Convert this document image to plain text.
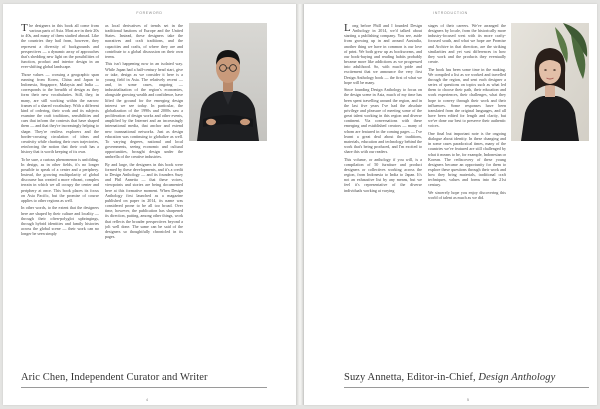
FOREWORD

The designers in this book all come from various parts of Asia. Most are in their 20s to 40s, and many of them studied abroad. Like the countries they hail from, however, they represent a diversity of backgrounds and perspectives — a dynamic array of approaches that's shedding new light on the possibilities of function, product and interior design in an ever-shifting global landscape.

Those values — crossing a geographic span running from Korea, China and Japan to Indonesia, Singapore, Malaysia and India — corresponds to the breadth of design as they form their new vocabularies. Still, they, in many, are still working within the narrow frames of a shared vocabulary. With a different kind of ordering, their work and its subjects examine the craft traditions, sensibilities and cues that inform the contexts that have shaped them — and that they're increasingly helping to shape. They're restless explorers and the border-crossing circulation of ideas and creativity while charting their own trajectories, reinforcing the notion that their craft has a history that is worth keeping of its own.

To be sure, a curious phenomenon is unfolding. In design, as in other fields, it's no longer possible to speak of a center and a periphery. Instead, the growing multipolarity of global discourse has created a more vibrant, complex terrain in which we all occupy the center and periphery at once. This book places its focus on Asia Pacific, but the promise of course applies to other regions as well.

In other words, to the extent that the designers here are shaped by their culture and locality — through their often-polyglot upbringings, through hybrid identities and family histories across the global scene — their work can no longer be seen simply

as local derivatives of trends set in the traditional bastions of Europe and the United States. Instead, these designers take the narratives and craft traditions, and the capacities and crafts, of where they are and contribute to a global discussion on their own terms.

This isn't happening now in an isolated way. While Japan had a half-century head start, give or take, design as we consider it here is a young field in Asia. The relatively recent — and, in some cases, ongoing — industrialization of the region's economies, alongside growing wealth and confidence, have lifted the ground for the emerging design interest we see today. In particular, the globalization of the 1990s and 2000s saw a proliferation of design works and other events, amplified by the Internet and an increasingly international media, that anchor and extend new transnational networks. Just as design education was continuing to globalize as well. To varying degrees, national and local governments, seeing economic and cultural opportunities, brought design under the umbrella of the creative industries.

By and large, the designers in this book were formed by these developments, and it's a credit to Design Anthology — and its founders Suzy and Phil Annetta — that these voices, viewpoints and stories are being documented here at this formative moment. When Design Anthology first launched as a magazine published on paper in 2014, its name was considered prone to be all too broad. Over time, however, the publication has sharpened its direction, putting, among other things, work that reflects the broader perspectives beyond a jolt well done. The same can be said of the designers so thoughtfully chronicled in its pages.

Aric Chen, Independent Curator and Writer
4
INTRODUCTION

Long before Phill and I founded Design Anthology in 2014, we'd talked about starting a publishing company. You see, aside from growing up in and around Australia, another thing we have in common is our love of print. We both grew up as bookworms, and our book-buying and reading habits probably became more like addictions as we progressed into adulthood. So, with much pride and excitement that we announce the very first Design Anthology book — the first of what we hope will be many.

Since founding Design Anthology to focus on the design scene in Asia, much of my time has been spent travelling around the region, and in the last five years I've had the absolute privilege and pleasure of meeting some of the great talent working in this region and diverse continent. Via conversations with these emerging and established creators — many of whom are featured in the coming pages — I've learnt a great deal about the traditions, materials, education and technology behind the work that's being produced, and I'm excited to share this with our readers.

This volume, or anthology if you will, is a compilation of 50 furniture and product designers or collectives working across the region, from Indonesia to India to Japan. It's not an exhaustive list by any means, but we feel it's representative of the diverse individuals working at varying

stages of their careers. We've arranged the designers by locale, from the historically more industry-focused west with its more crafty-focused south, and what we hope are Promise and Archive in that direction, are the striking similarities and yet vast differences in how they work and the products they eventually create.

The book has been some time in the making. We compiled a list as we worked and travelled through the region, and sent each designer a series of questions on topics such as what led them to choose their path, their education and work experiences, their challenges, what they hope to convey through their work and their influences. Some responses have been translated from the original languages, and all have been edited for length and clarity, but we've done our best to preserve their authentic voices.

One final but important note is the ongoing dialogue about identity. In these changing and in some cases paradoxical times, many of the countries we've featured are still challenged by what it means to be, for example, Indonesian or Korean. The rediscovery of these young designers became an opportunity for them to explore these questions through their work and how they bring materials, traditional craft techniques, values and forms into the 21st century.

We sincerely hope you enjoy discovering this world of talent as much as we did.

Suzy Annetta, Editor-in-Chief, Design Anthology
5
